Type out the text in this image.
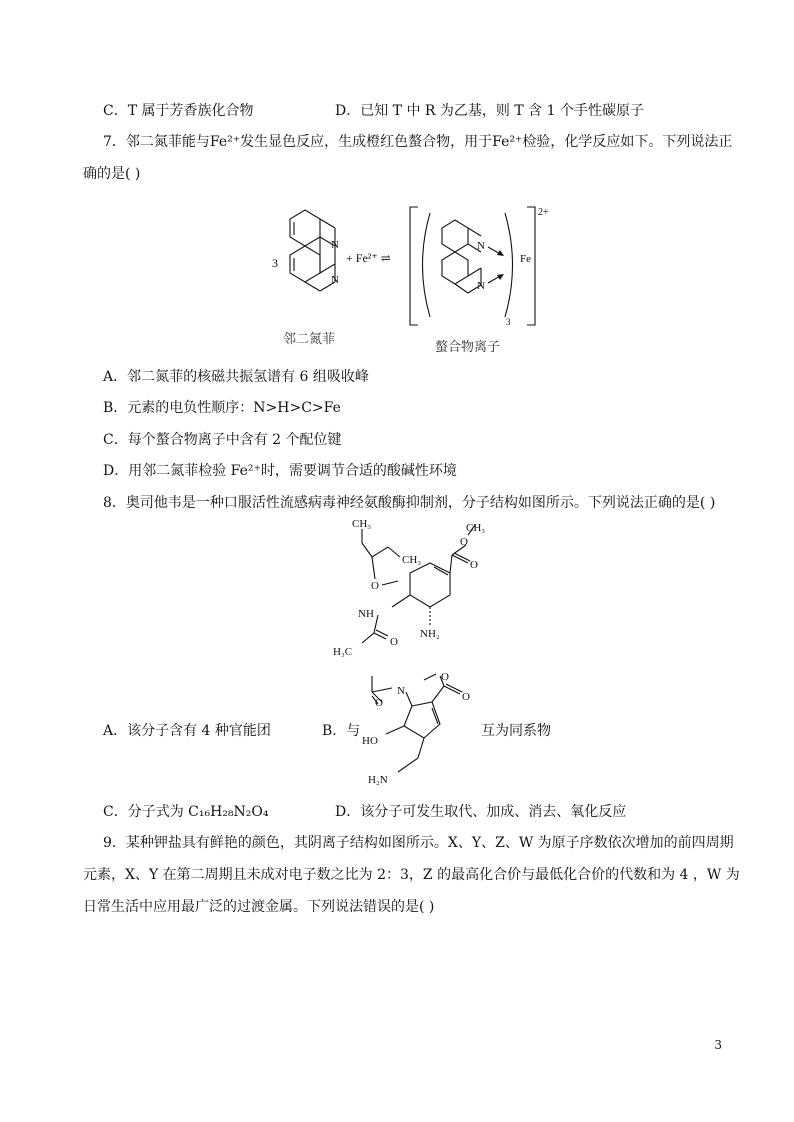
C．T 属于芳香族化合物	D．已知 T 中 R 为乙基，则 T 含 1 个手性碳原子
7．邻二氮菲能与Fe²⁺发生显色反应，生成橙红色螯合物，用于Fe²⁺检验，化学反应如下。下列说法正
确的是( )
3
N
N
+ Fe²⁺ ⇌
N
N
Fe
2+
3
邻二氮菲
螯合物离子
A．邻二氮菲的核磁共振氢谱有 6 组吸收峰
B．元素的电负性顺序：N>H>C>Fe
C．每个螯合物离子中含有 2 个配位键
D．用邻二氮菲检验 Fe²⁺时，需要调节合适的酸碱性环境
8．奥司他韦是一种口服活性流感病毒神经氨酸酶抑制剂，分子结构如图所示。下列说法正确的是( )
CH₃
CH₃
CH₃
O
O
O
NH
NH₂
H₃C
O
N
O
O
O
HO
H₂N
A．该分子含有 4 种官能团	B．与	互为同系物
C．分子式为 C₁₆H₂₈N₂O₄	D．该分子可发生取代、加成、消去、氧化反应
9．某种钾盐具有鲜艳的颜色，其阴离子结构如图所示。X、Y、Z、W 为原子序数依次增加的前四周期
元素，X、Y 在第二周期且未成对电子数之比为 2：3，Z 的最高化合价与最低化合价的代数和为 4 ，W 为
日常生活中应用最广泛的过渡金属。下列说法错误的是( )
3
